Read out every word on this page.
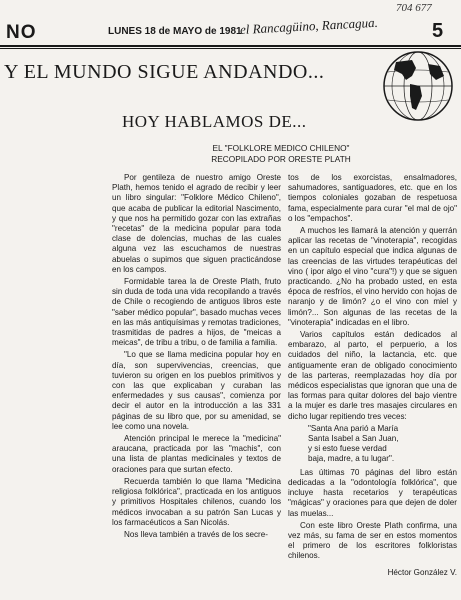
704 677
NO	LUNES 18 de MAYO de 1981
el Rancagüino, Rancagua.	5
Y EL MUNDO SIGUE ANDANDO...
HOY HABLAMOS DE...
EL "FOLKLORE MEDICO CHILENO"
RECOPILADO POR ORESTE PLATH

Por gentileza de nuestro amigo Oreste Plath, hemos tenido el agrado de recibir y leer un libro singular: "Folklore Médico Chileno", que acaba de publicar la editorial Nascimento, y que nos ha permitido gozar con las extrañas "recetas" de la medicina popular para toda clase de dolencias, muchas de las cuales alguna vez las escuchamos de nuestras abuelas o supimos que siguen practicándose en los campos.

Formidable tarea la de Oreste Plath, fruto sin duda de toda una vida recopilando a través de Chile o recogiendo de antiguos libros este "saber médico popular", basado muchas veces en las más antiquísimas y remotas tradiciones, trasmitidas de padres a hijos, de "meicas a meicas", de tribu a tribu, o de familia a familia.

"Lo que se llama medicina popular hoy en día, son supervivencias, creencias, que tuvieron su origen en los pueblos primitivos y con las que explicaban y curaban las enfermedades y sus causas", comienza por decir el autor en la introducción a las 331 páginas de su libro que, por su amenidad, se lee como una novela.

Atención principal le merece la "medicina" araucana, practicada por las "machis", con una lista de plantas medicinales y textos de oraciones para que surtan efecto.

Recuerda también lo que llama "Medicina religiosa folklórica", practicada en los antiguos y primitivos Hospitales chilenos, cuando los médicos invocaban a su patrón San Lucas y los farmacéuticos a San Nicolás.

Nos lleva también a través de los secre-

tos de los exorcistas, ensalmadores, sahumadores, santiguadores, etc. que en los tiempos coloniales gozaban de respetuosa fama, especialmente para curar "el mal de ojo" o los "empachos".

A muchos les llamará la atención y querrán aplicar las recetas de "vinoterapia", recogidas en un capítulo especial que indica algunas de las creencias de las virtudes terapéuticas del vino ( ipor algo el vino "cura"!) y que se siguen practicando. ¿No ha probado usted, en esta época de resfríos, el vino hervido con hojas de naranjo y de limón? ¿o el vino con miel y limón?... Son algunas de las recetas de la "vinoterapia" indicadas en el libro.

Varios capítulos están dedicados al embarazo, al parto, el perpuerio, a los cuidados del niño, la lactancia, etc. que antiguamente eran de obligado conocimiento de las parteras, reemplazadas hoy día por médicos especialistas que ignoran que una de las formas para quitar dolores del bajo vientre a la mujer es darle tres masajes circulares en dicho lugar repitiendo tres veces:

"Santa Ana parió a María
Santa Isabel a San Juan,
y si esto fuese verdad
baja, madre, a tu lugar".

Las últimas 70 páginas del libro están dedicadas a la "odontología folklórica", que incluye hasta recetarios y terapéuticas "mágicas" y oraciones para que dejen de doler las muelas...

Con este libro Oreste Plath confirma, una vez más, su fama de ser en estos momentos el primero de los escritores folkloristas chilenos.

Héctor González V.
